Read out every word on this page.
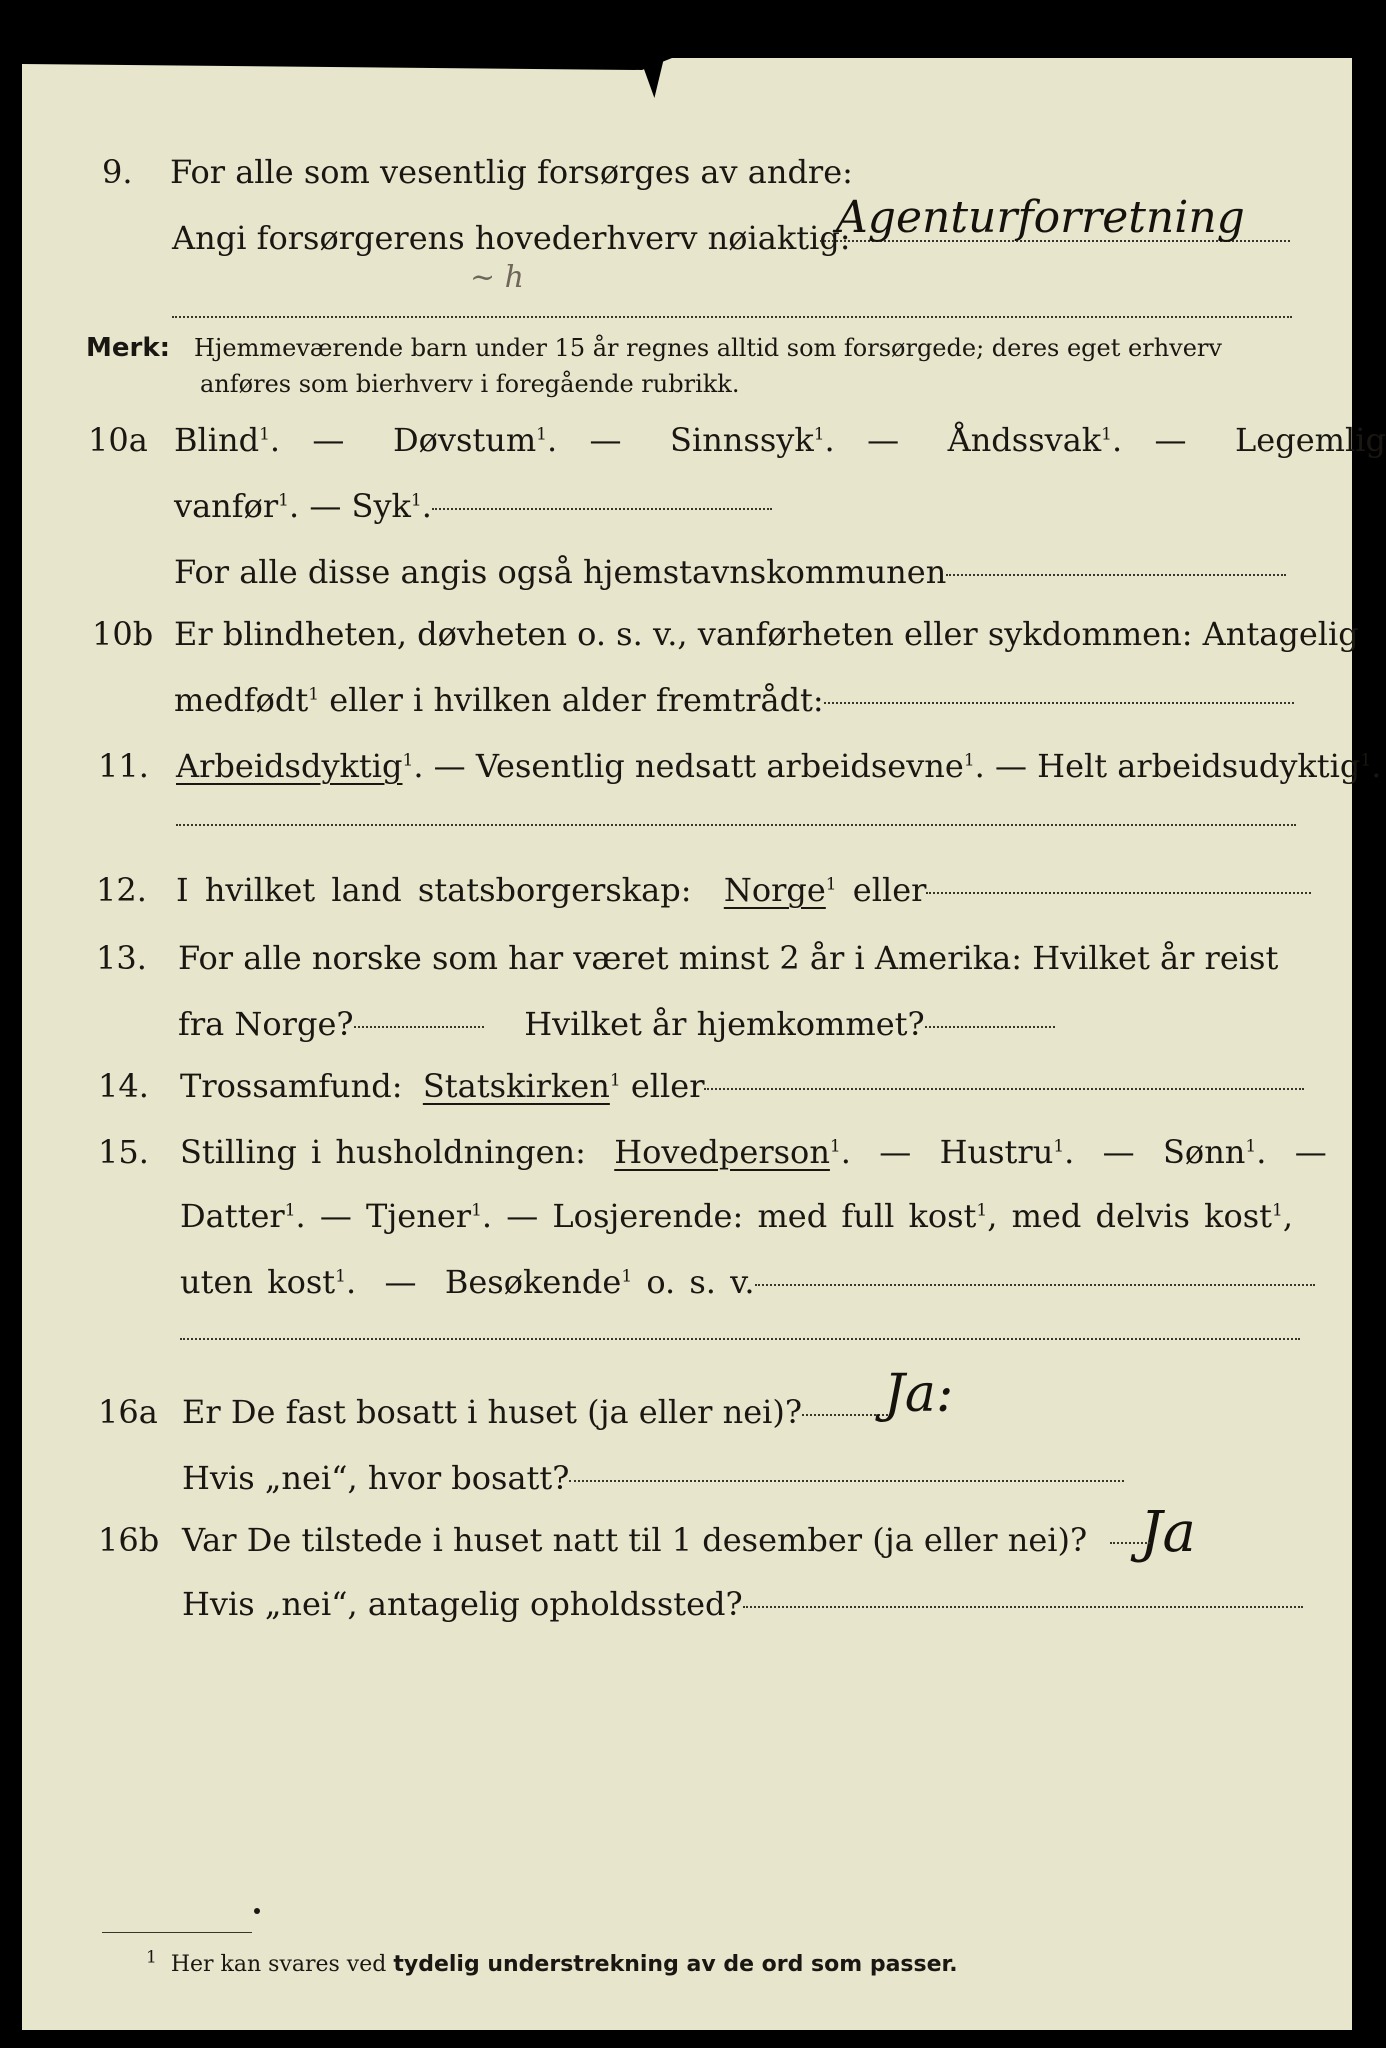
9. For alle som vesentlig forsørges av andre:
Angi forsørgerens hovederhverv nøiaktig:
Agenturforretning
~ h
Merk: Hjemmeværende barn under 15 år regnes alltid som forsørgede; deres eget erhverv
anføres som bierhverv i foregående rubrikk.
10a Blind$^1$.  — Døvstum$^1$.  — Sinnssyk$^1$.  — Åndssvak$^1$.  — Legemlig
vanfør$^1$. — Syk$^1$.
For alle disse angis også hjemstavnskommunen
10b Er blindheten, døvheten o. s. v., vanførheten eller sykdommen: Antagelig
medfødt$^1$ eller i hvilken alder fremtrådt:
11. Arbeidsdyktig$^1$. — Vesentlig nedsatt arbeidsevne$^1$. — Helt arbeidsudyktig$^1$.
12. I hvilket land statsborgerskap: Norge$^1$ eller
13. For alle norske som har været minst 2 år i Amerika: Hvilket år reist
fra Norge?	Hvilket år hjemkommet?
14. Trossamfund: Statskirken$^1$ eller
15. Stilling i husholdningen: Hovedperson$^1$.  — Hustru$^1$.  — Sønn$^1$.  —
Datter$^1$. — Tjener$^1$. — Losjerende: med full kost$^1$, med delvis kost$^1$,
uten kost$^1$.  — Besøkende$^1$ o. s. v.
16a Er De fast bosatt i huset (ja eller nei)?	Ja:
Hvis „nei“, hvor bosatt?
16b Var De tilstede i huset natt til 1 desember (ja eller nei)? Ja
Hvis „nei“, antagelig opholdssted?
$^1$ Her kan svares ved tydelig understrekning av de ord som passer.
